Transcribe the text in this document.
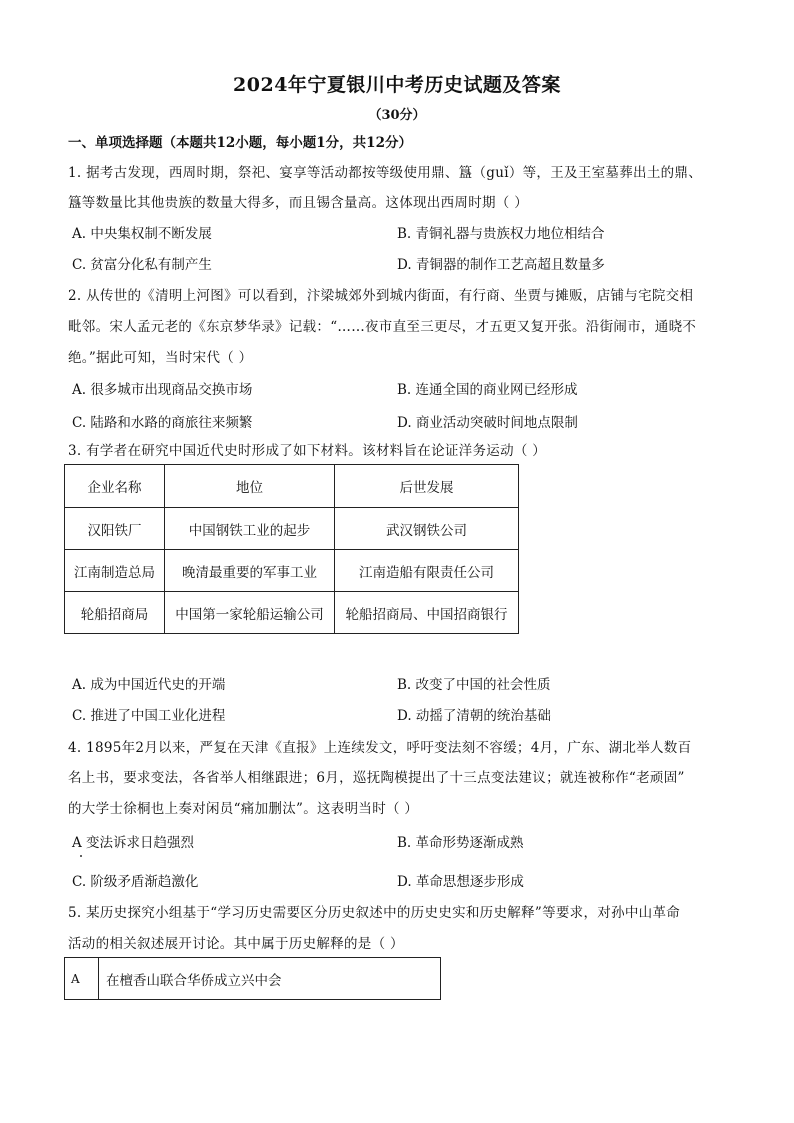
2024年宁夏银川中考历史试题及答案
（30分）
一、单项选择题（本题共12小题，每小题1分，共12分）
1. 据考古发现，西周时期，祭祀、宴享等活动都按等级使用鼎、簋（guǐ）等，王及王室墓葬出土的鼎、
簋等数量比其他贵族的数量大得多，而且锡含量高。这体现出西周时期（ ）
A. 中央集权制不断发展	B. 青铜礼器与贵族权力地位相结合
C. 贫富分化私有制产生	D. 青铜器的制作工艺高超且数量多
2. 从传世的《清明上河图》可以看到，汴梁城郊外到城内街面，有行商、坐贾与摊贩，店铺与宅院交相
毗邻。宋人孟元老的《东京梦华录》记载：“……夜市直至三更尽，才五更又复开张。沿街闹市，通晓不
绝。”据此可知，当时宋代（ ）
A. 很多城市出现商品交换市场	B. 连通全国的商业网已经形成
C. 陆路和水路的商旅往来频繁	D. 商业活动突破时间地点限制
3. 有学者在研究中国近代史时形成了如下材料。该材料旨在论证洋务运动（ ）
企业名称	地位	后世发展
汉阳铁厂	中国钢铁工业的起步	武汉钢铁公司
江南制造总局	晚清最重要的军事工业	江南造船有限责任公司
轮船招商局	中国第一家轮船运输公司	轮船招商局、中国招商银行
A. 成为中国近代史的开端	B. 改变了中国的社会性质
C. 推进了中国工业化进程	D. 动摇了清朝的统治基础
4. 1895年2月以来，严复在天津《直报》上连续发文，呼吁变法刻不容缓；4月，广东、湖北举人数百
名上书，要求变法，各省举人相继跟进；6月，巡抚陶模提出了十三点变法建议；就连被称作“老顽固”
的大学士徐桐也上奏对闲员“痛加删汰”。这表明当时（ ）
A 变法诉求日趋强烈	B. 革命形势逐渐成熟
C. 阶级矛盾渐趋激化	D. 革命思想逐步形成
5. 某历史探究小组基于“学习历史需要区分历史叙述中的历史史实和历史解释”等要求，对孙中山革命
活动的相关叙述展开讨论。其中属于历史解释的是（ ）
A	在檀香山联合华侨成立兴中会
